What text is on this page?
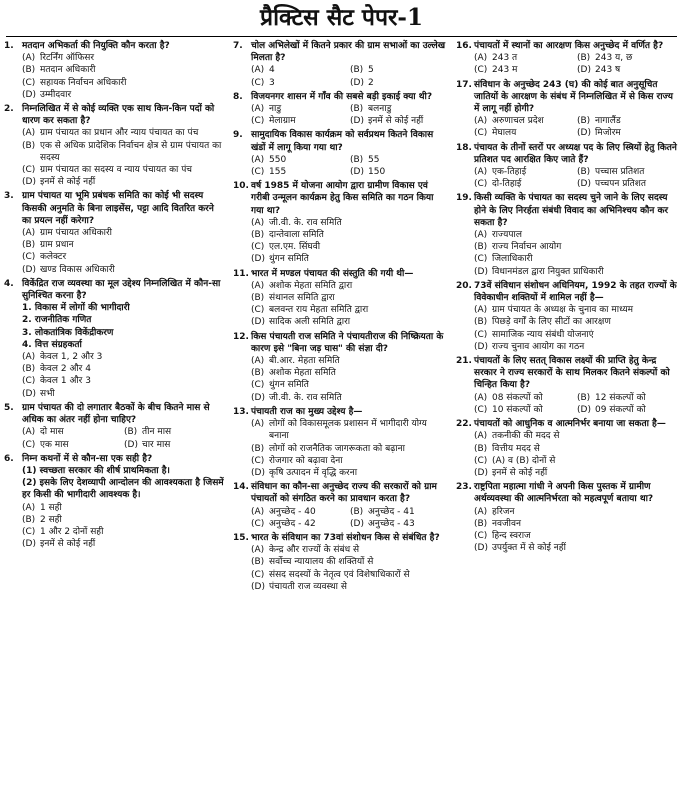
प्रैक्टिस सैट पेपर-1
1. मतदान अभिकर्ता की नियुक्ति कौन करता है?
(A) रिटर्निंग ऑफिसर
(B) मतदान अधिकारी
(C) सहायक निर्वाचन अधिकारी
(D) उम्मीदवार
2. निम्नलिखित में से कोई व्यक्ति एक साथ किन-किन पदों को धारण कर सकता है?
(A) ग्राम पंचायत का प्रधान और न्याय पंचायत का पंच
(B) एक से अधिक प्रादेशिक निर्वाचन क्षेत्र से ग्राम पंचायत का सदस्य
(C) ग्राम पंचायत का सदस्य व न्याय पंचायत का पंच
(D) इनमें से कोई नहीं
3. ग्राम पंचायत या भूमि प्रबंधक समिति का कोई भी सदस्य किसकी अनुमति के बिना लाइसेंस, पट्टा आदि वितरित करने का प्रयत्न नहीं करेगा?
(A) ग्राम पंचायत अधिकारी
(B) ग्राम प्रधान
(C) कलेक्टर
(D) खण्ड विकास अधिकारी
4. विकेंद्रित राज व्यवस्था का मूल उद्देश्य निम्नलिखित में कौन-सा सुनिश्चित करना है?
1. विकास में लोगों की भागीदारी
2. राजनीतिक गणित
3. लोकतांत्रिक विकेंद्रीकरण
4. वित्त संग्रहकर्ता
(A) केवल 1, 2 और 3
(B) केवल 2 और 4
(C) केवल 1 और 3
(D) सभी
5. ग्राम पंचायत की दो लगातार बैठकों के बीच कितने मास से अधिक का अंतर नहीं होना चाहिए?
(A) दो मास	(B) तीन मास
(C) एक मास	(D) चार मास
6. निम्न कथनों में से कौन-सा एक सही है?
(1) स्वच्छता सरकार की शीर्ष प्राथमिकता है।
(2) इसके लिए देशव्यापी आन्दोलन की आवश्यकता है जिसमें हर किसी की भागीदारी आवश्यक है।
(A) 1 सही
(B) 2 सही
(C) 1 और 2 दोनों सही
(D) इनमें से कोई नहीं
7. चोल अभिलेखों में कितने प्रकार की ग्राम सभाओं का उल्लेख मिलता है?
(A) 4	(B) 5
(C) 3	(D) 2
8. विजयनगर शासन में गाँव की सबसे बड़ी इकाई क्या थी?
(A) नाडु	(B) बलनाडु
(C) मेलाग्राम	(D) इनमें से कोई नहीं
9. सामुदायिक विकास कार्यक्रम को सर्वप्रथम कितने विकास खंडों में लागू किया गया था?
(A) 550	(B) 55
(C) 155	(D) 150
10. वर्ष 1985 में योजना आयोग द्वारा ग्रामीण विकास एवं गरीबी उन्मूलन कार्यक्रम हेतु किस समिति का गठन किया गया था?
(A) जी.वी. के. राव समिति
(B) दान्तेवाला समिति
(C) एल.एम. सिंघवी
(D) थुंगन समिति
11. भारत में मण्डल पंचायत की संस्तुति की गयी थी—
(A) अशोक मेहता समिति द्वारा
(B) संथानल समिति द्वारा
(C) बलवन्त राय मेहता समिति द्वारा
(D) सादिक अली समिति द्वारा
12. किस पंचायती राज समिति ने पंचायतीराज की निष्क्रियता के कारण इसे "बिना जड़ घास" की संज्ञा दी?
(A) बी.आर. मेहता समिति
(B) अशोक मेहता समिति
(C) थुंगन समिति
(D) जी.वी. के. राव समिति
13. पंचायती राज का मुख्य उद्देश्य है—
(A) लोगों को विकासमूलक प्रशासन में भागीदारी योग्य बनाना
(B) लोगों को राजनैतिक जागरूकता को बढ़ाना
(C) रोजगार को बढ़ावा देना
(D) कृषि उत्पादन में वृद्धि करना
14. संविधान का कौन-सा अनुच्छेद राज्य की सरकारों को ग्राम पंचायतों को संगठित करने का प्रावधान करता है?
(A) अनुच्छेद - 40	(B) अनुच्छेद - 41
(C) अनुच्छेद - 42	(D) अनुच्छेद - 43
15. भारत के संविधान का 73वां संशोधन किस से संबंधित है?
(A) केन्द्र और राज्यों के संबंध से
(B) सर्वोच्च न्यायालय की शक्तियों से
(C) संसद सदस्यों के नेतृत्व एवं विशेषाधिकारों से
(D) पंचायती राज व्यवस्था से
16. पंचायतों में स्थानों का आरक्षण किस अनुच्छेद में वर्णित है?
(A) 243 त	(B) 243 य, छ
(C) 243 म	(D) 243 ष
17. संविधान के अनुच्छेद 243 (घ) की कोई बात अनुसूचित जातियों के आरक्षण के संबंध में निम्नलिखित में से किस राज्य में लागू नहीं होगी?
(A) अरुणाचल प्रदेश	(B) नागालैंड
(C) मेघालय	(D) मिजोरम
18. पंचायत के तीनों स्तरों पर अध्यक्ष पद के लिए स्त्रियों हेतु कितने प्रतिशत पद आरक्षित किए जाते हैं?
(A) एक-तिहाई	(B) पच्चास प्रतिशत
(C) दो-तिहाई	(D) पच्चपन प्रतिशत
19. किसी व्यक्ति के पंचायत का सदस्य चुने जाने के लिए सदस्य होने के लिए निरर्हता संबंधी विवाद का अभिनिश्चय कौन कर सकता है?
(A) राज्यपाल
(B) राज्य निर्वाचन आयोग
(C) जिलाधिकारी
(D) विधानमंडल द्वारा नियुक्त प्राधिकारी
20. 73वें संविधान संशोधन अधिनियम, 1992 के तहत राज्यों के विवेकाधीन शक्तियों में शामिल नहीं है—
(A) ग्राम पंचायत के अध्यक्ष के चुनाव का माध्यम
(B) पिछड़े वर्गों के लिए सीटों का आरक्षण
(C) सामाजिक न्याय संबंधी योजनाएं
(D) राज्य चुनाव आयोग का गठन
21. पंचायतों के लिए सतत् विकास लक्ष्यों की प्राप्ति हेतु केन्द्र सरकार ने राज्य सरकारों के साथ मिलकर कितने संकल्पों को चिन्हित किया है?
(A) 08 संकल्पों को	(B) 12 संकल्पों को
(C) 10 संकल्पों को	(D) 09 संकल्पों को
22. पंचायतों को आधुनिक व आत्मनिर्भर बनाया जा सकता है—
(A) तकनीकी की मदद से
(B) वित्तीय मदद से
(C) (A) व (B) दोनों से
(D) इनमें से कोई नहीं
23. राष्ट्रपिता महात्मा गांधी ने अपनी किस पुस्तक में ग्रामीण अर्थव्यवस्था की आत्मनिर्भरता को महत्वपूर्ण बताया था?
(A) हरिजन
(B) नवजीवन
(C) हिन्द स्वराज
(D) उपर्युक्त में से कोई नहीं
